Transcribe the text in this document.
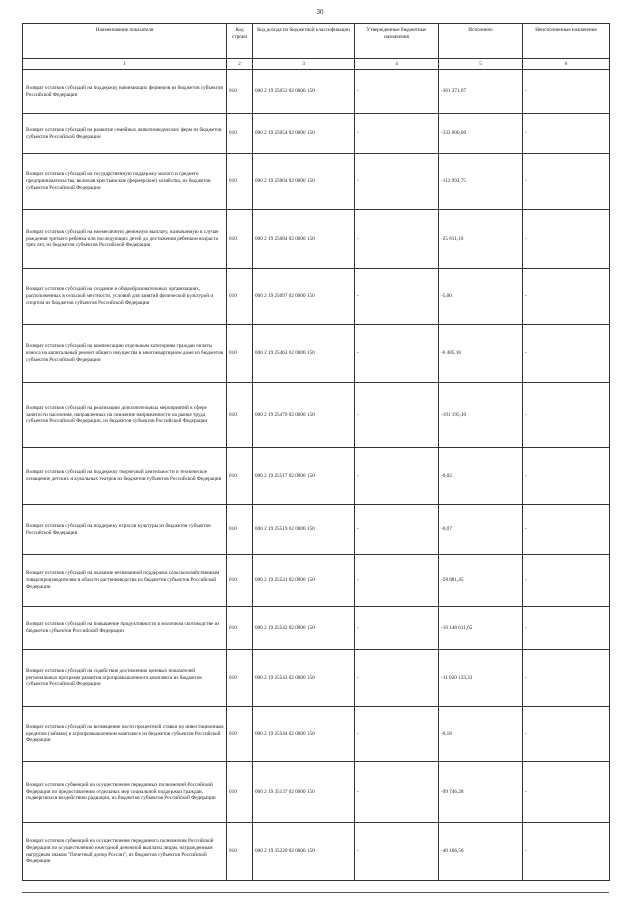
30
Наименование показателя	Код строки	Код дохода по бюджетной классификации	Утвержденные бюджетные назначения	Исполнено	Неисполненные назначения
1	2	3	4	5	6
Возврат остатков субсидий на поддержку начинающих фермеров из бюджетов субъектов Российской Федерации	010	000 2 19 25053 02 0000 150	-	-361 371,67	-
Возврат остатков субсидий на развитие семейных животноводческих ферм из бюджетов субъектов Российской Федерации	010	000 2 19 25054 02 0000 150	-	-333 000,00	-
Возврат остатков субсидий на государственную поддержку малого и среднего предпринимательства, включая крестьянские (фермерские) хозяйства, из бюджетов субъектов Российской Федерации	010	000 2 19 25064 02 0000 150	-	-113 993,75	-
Возврат остатков субсидий на ежемесячную денежную выплату, назначаемую в случае рождения третьего ребенка или последующих детей до достижения ребенком возраста трех лет, из бюджетов субъектов Российской Федерации	010	000 2 19 25084 02 0000 150	-	-25 611,10	-
Возврат остатков субсидий на создание в общеобразовательных организациях, расположенных в сельской местности, условий для занятий физической культурой и спортом из бюджетов субъектов Российской Федерации	010	000 2 19 25097 02 0000 150	-	-5,00	-
Возврат остатков субсидий на компенсацию отдельным категориям граждан оплаты взноса на капитальный ремонт общего имущества в многоквартирном доме из бюджетов субъектов Российской Федерации	010	000 2 19 25462 02 0000 150	-	-6 485,18	-
Возврат остатков субсидий на реализацию дополнительных мероприятий в сфере занятости населения, направленных на снижение напряженности на рынке труда субъектов Российской Федерации, из бюджетов субъектов Российской Федерации	010	000 2 19 25470 02 0000 150	-	-191 195,10	-
Возврат остатков субсидий на поддержку творческой деятельности и техническое оснащение детских и кукольных театров из бюджетов субъектов Российской Федерации	010	000 2 19 25517 02 0000 150	-	-0,02	-
Возврат остатков субсидий на поддержку отрасли культуры из бюджетов субъектов Российской Федерации	010	000 2 19 25519 02 0000 150	-	-0,07	-
Возврат остатков субсидий на оказание несвязанной поддержки сельскохозяйственным товаропроизводителям в области растениеводства из бюджетов субъектов Российской Федерации	010	000 2 19 25541 02 0000 150	-	-28 881,45	-
Возврат остатков субсидий на повышение продуктивности в молочном скотоводстве из бюджетов субъектов Российской Федерации	010	000 2 19 25542 02 0000 150	-	-16 148 611,65	-
Возврат остатков субсидий на содействие достижению целевых показателей региональных программ развития агропромышленного комплекса из бюджетов субъектов Российской Федерации	010	000 2 19 25543 02 0000 150	-	-11 020 133,33	-
Возврат остатков субсидий на возмещение части процентной ставки по инвестиционным кредитам (займам) в агропромышленном комплексе из бюджетов субъектов Российской Федерации	010	000 2 19 25544 02 0000 150	-	-0,18	-
Возврат остатков субвенций на осуществление переданных полномочий Российской Федерации по предоставлению отдельных мер социальной поддержки граждан, подвергшихся воздействию радиации, из бюджетов субъектов Российской Федерации	010	000 2 19 35137 02 0000 150	-	-99 746,28	-
Возврат остатков субвенций на осуществление переданного полномочия Российской Федерации по осуществлению ежегодной денежной выплаты лицам, награжденным нагрудным знаком "Почетный донор России", из бюджетов субъектов Российской Федерации	010	000 2 19 35220 02 0000 150	-	-40 166,56	-
